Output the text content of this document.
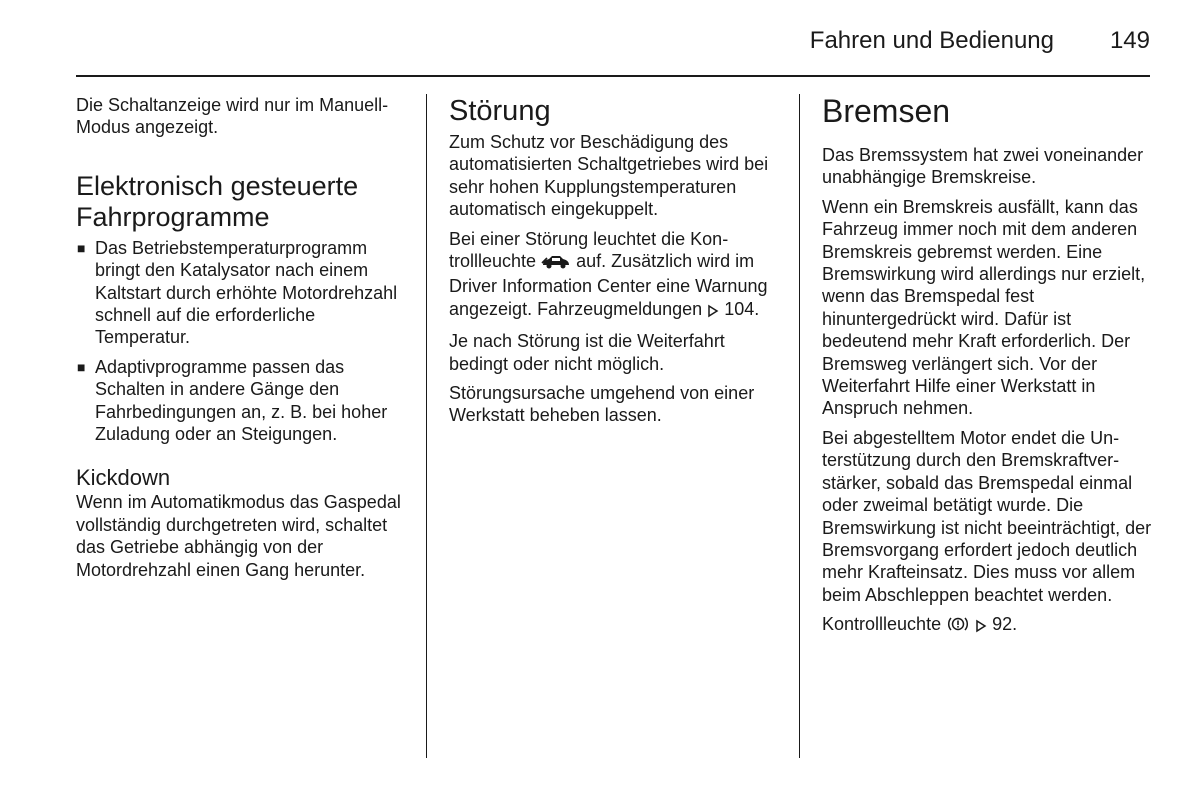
Fahren und Bedienung 149

Die Schaltanzeige wird nur im Manuell-Modus angezeigt.

Elektronisch gesteuerte Fahrprogramme
■ Das Betriebstemperaturprogramm bringt den Katalysator nach einem Kaltstart durch erhöhte Motordrehzahl schnell auf die erforderliche Temperatur.
■ Adaptivprogramme passen das Schalten in andere Gänge den Fahrbedingungen an, z. B. bei hoher Zuladung oder an Steigungen.
Kickdown

Wenn im Automatikmodus das Gaspedal vollständig durchgetreten wird, schaltet das Getriebe abhängig von der Motordrehzahl einen Gang herunter.

Störung

Zum Schutz vor Beschädigung des automatisierten Schaltgetriebes wird bei sehr hohen Kupplungstemperaturen automatisch eingekuppelt.

Bei einer Störung leuchtet die Kontrollleuchte auf. Zusätzlich wird im Driver Information Center eine Warnung angezeigt. Fahrzeugmeldungen 104.

Je nach Störung ist die Weiterfahrt bedingt oder nicht möglich.

Störungsursache umgehend von einer Werkstatt beheben lassen.

Bremsen

Das Bremssystem hat zwei voneinander unabhängige Bremskreise.

Wenn ein Bremskreis ausfällt, kann das Fahrzeug immer noch mit dem anderen Bremskreis gebremst werden. Eine Bremswirkung wird allerdings nur erzielt, wenn das Bremspedal fest hinuntergedrückt wird. Dafür ist bedeutend mehr Kraft erforderlich. Der Bremsweg verlängert sich. Vor der Weiterfahrt Hilfe einer Werkstatt in Anspruch nehmen.

Bei abgestelltem Motor endet die Unterstützung durch den Bremskraftverstärker, sobald das Bremspedal einmal oder zweimal betätigt wurde. Die Bremswirkung ist nicht beeinträchtigt, der Bremsvorgang erfordert jedoch deutlich mehr Krafteinsatz. Dies muss vor allem beim Abschleppen beachtet werden.

Kontrollleuchte	92.
